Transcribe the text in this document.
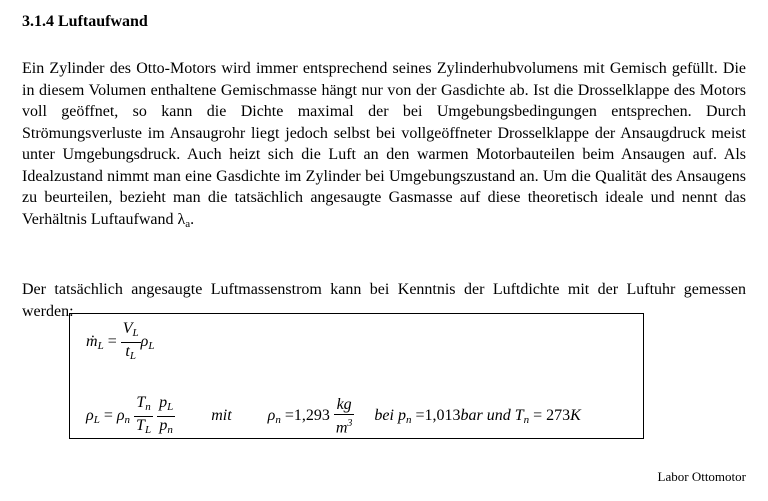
3.1.4 Luftaufwand

Ein Zylinder des Otto-Motors wird immer entsprechend seines Zylinderhubvolumens mit Gemisch gefüllt. Die in diesem Volumen enthaltene Gemischmasse hängt nur von der Gasdichte ab. Ist die Drosselklappe des Motors voll geöffnet, so kann die Dichte maximal der bei Umgebungsbedingungen entsprechen. Durch Strömungsverluste im Ansaugrohr liegt jedoch selbst bei vollgeöffneter Drosselklappe der Ansaugdruck meist unter Umgebungsdruck. Auch heizt sich die Luft an den warmen Motorbauteilen beim Ansaugen auf. Als Idealzustand nimmt man eine Gasdichte im Zylinder bei Umgebungszustand an. Um die Qualität des Ansaugens zu beurteilen, bezieht man die tatsächlich angesaugte Gasmasse auf diese theoretisch ideale und nennt das Verhältnis Luftaufwand $\lambda_a$.

Der tatsächlich angesaugte Luftmassenstrom kann bei Kenntnis der Luftdichte mit der Luftuhr gemessen werden:

ṁ$_L$ = $\frac{V_L}{t_L} \rho_L$
$\rho_L = \rho_n \frac{T_n}{T_L}$
$\frac{p_L}{p_n}$ mit $\rho_n =1,293 \frac{kg}{m^3}$ bei $p_n =1,013bar$ und $T_n = 273K$
Labor Ottomotor
